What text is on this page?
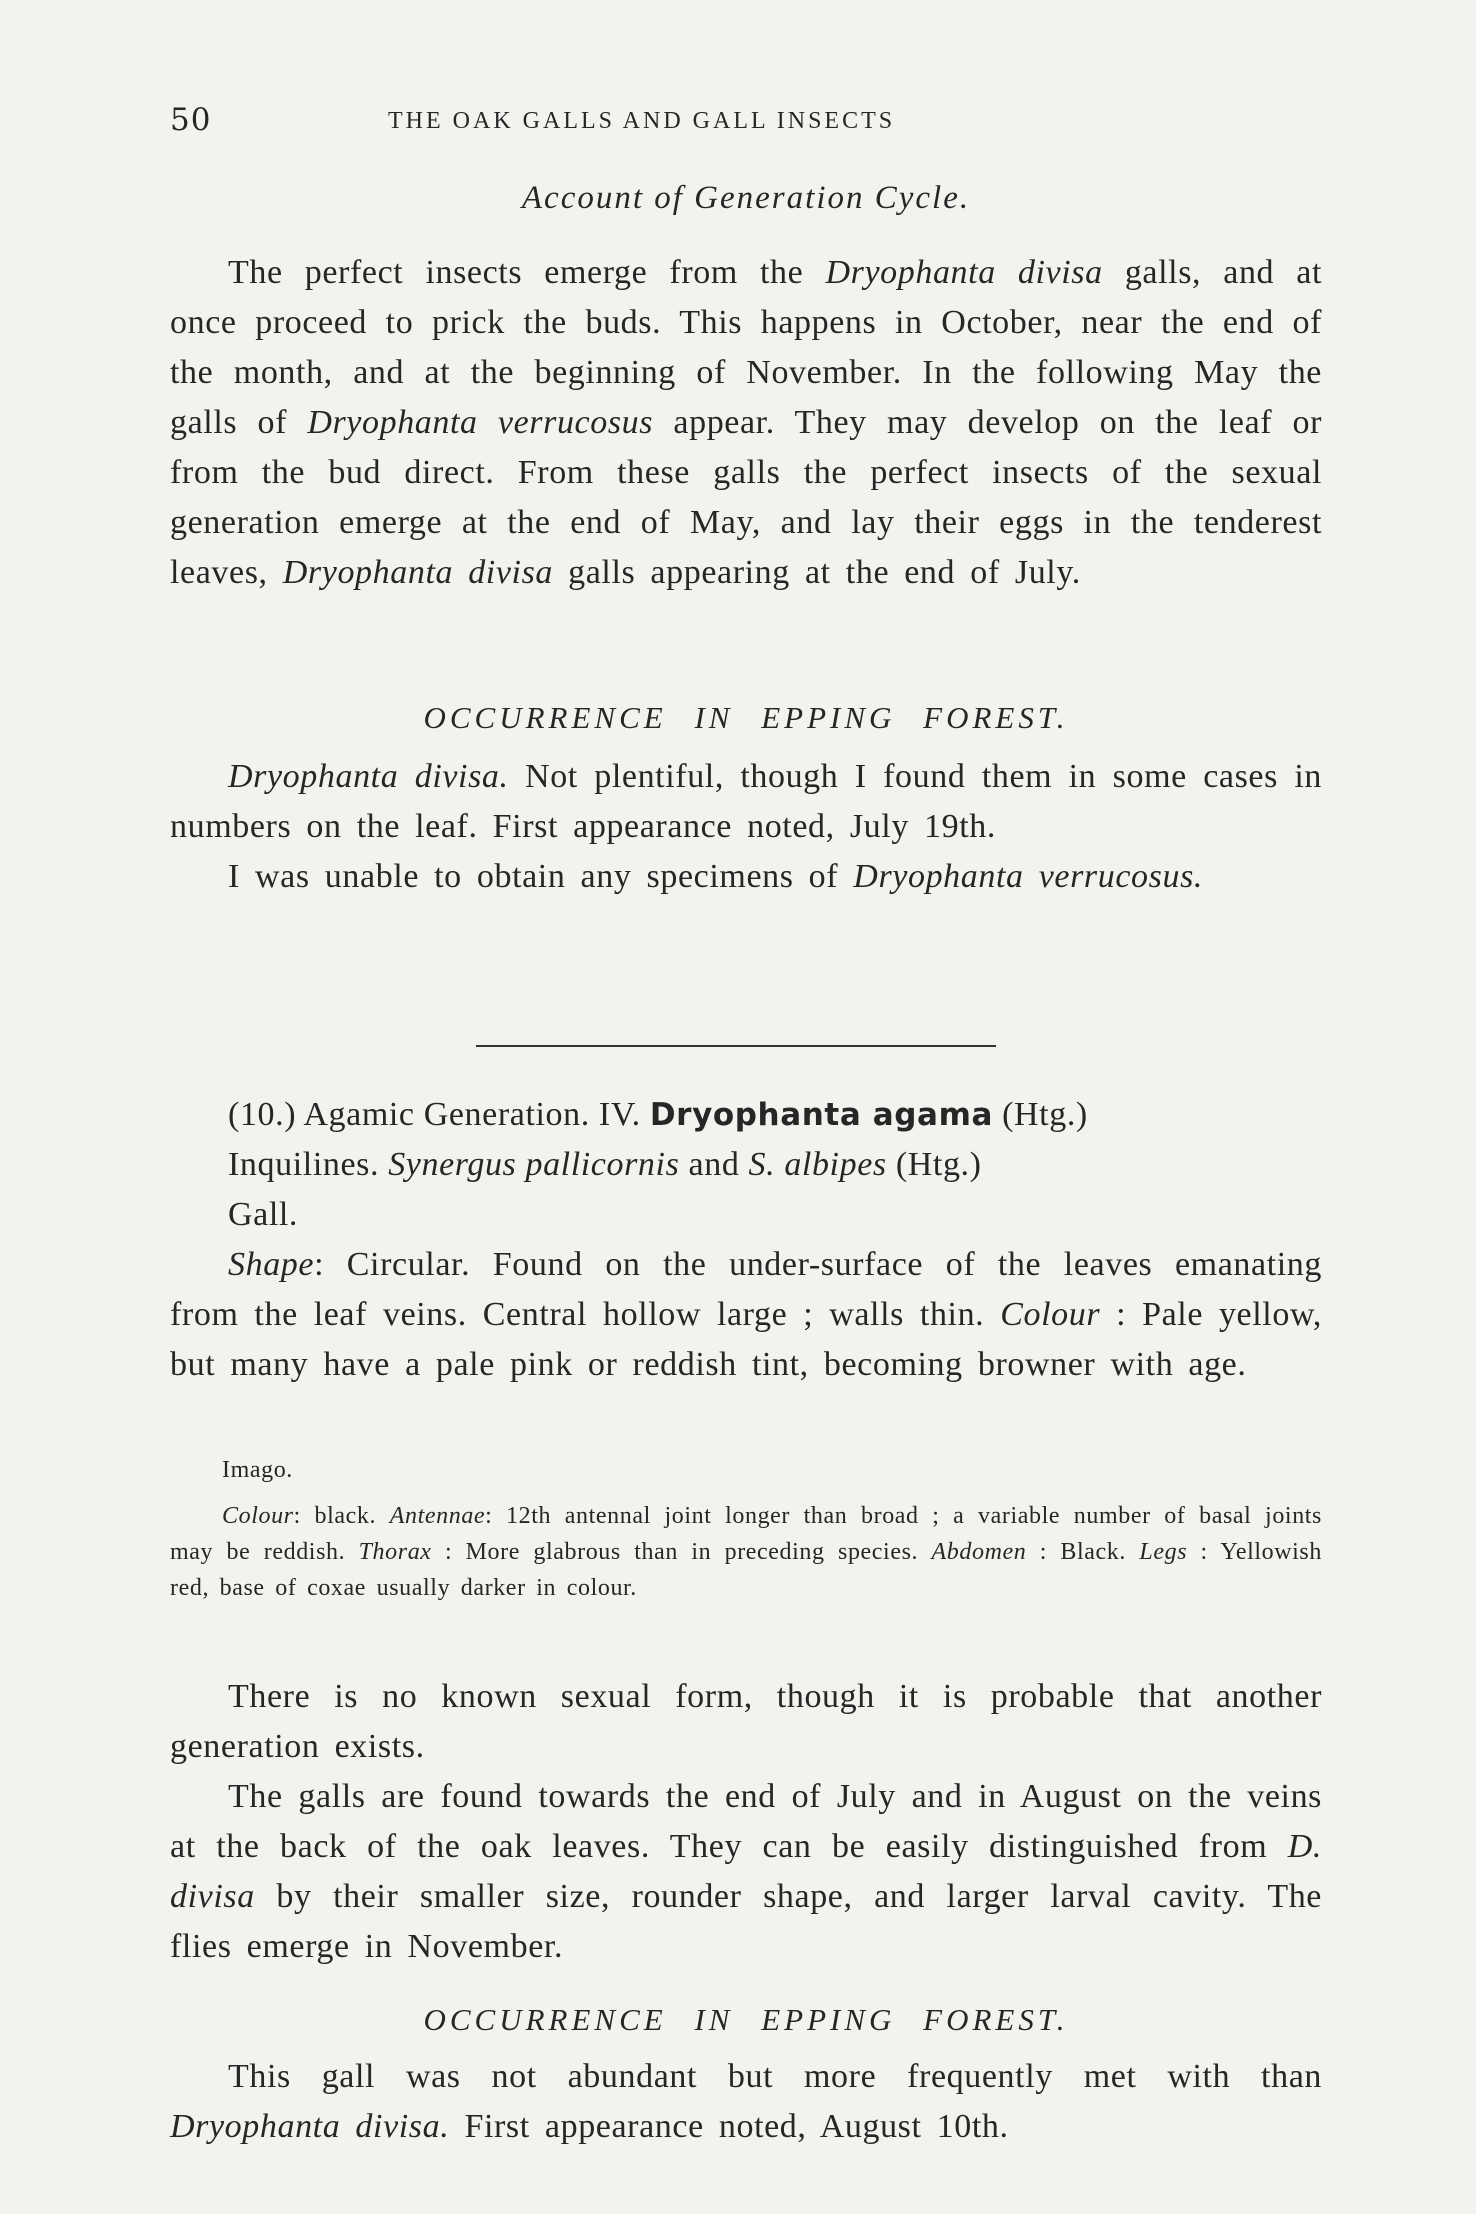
50	THE OAK GALLS AND GALL INSECTS

Account of Generation Cycle.

The perfect insects emerge from the Dryophanta divisa galls, and at once proceed to prick the buds. This happens in October, near the end of the month, and at the beginning of November. In the following May the galls of Dryophanta verrucosus appear. They may develop on the leaf or from the bud direct. From these galls the perfect insects of the sexual generation emerge at the end of May, and lay their eggs in the tenderest leaves, Dryophanta divisa galls appearing at the end of July.

OCCURRENCE IN EPPING FOREST.

Dryophanta divisa. Not plentiful, though I found them in some cases in numbers on the leaf. First appearance noted, July 19th.

I was unable to obtain any specimens of Dryophanta verrucosus.

(10.) Agamic Generation. IV. Dryophanta agama (Htg.)

Inquilines. Synergus pallicornis and S. albipes (Htg.)

Gall.

Shape: Circular. Found on the under-surface of the leaves emanating from the leaf veins. Central hollow large ; walls thin. Colour : Pale yellow, but many have a pale pink or reddish tint, becoming browner with age.

Imago.

Colour: black. Antennae: 12th antennal joint longer than broad ; a variable number of basal joints may be reddish. Thorax : More glabrous than in preceding species. Abdomen : Black. Legs : Yellowish red, base of coxae usually darker in colour.

There is no known sexual form, though it is probable that another generation exists.

The galls are found towards the end of July and in August on the veins at the back of the oak leaves. They can be easily distinguished from D. divisa by their smaller size, rounder shape, and larger larval cavity. The flies emerge in November.

OCCURRENCE IN EPPING FOREST.

This gall was not abundant but more frequently met with than Dryophanta divisa. First appearance noted, August 10th.
